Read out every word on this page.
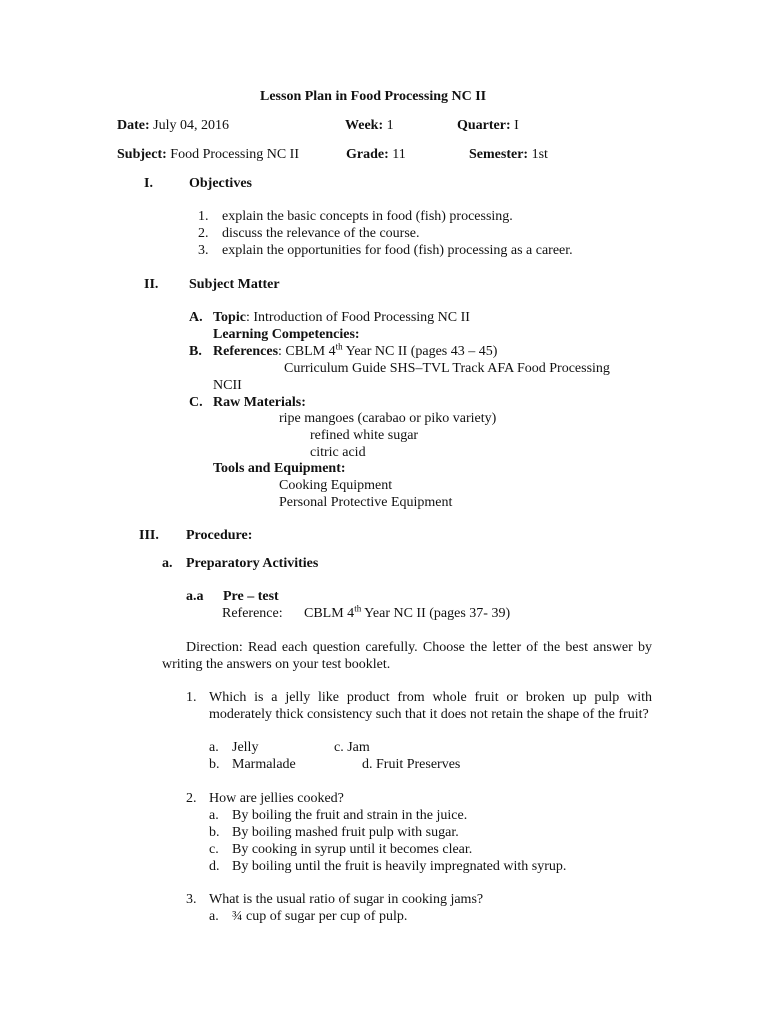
Lesson Plan in Food Processing NC II
Date: July 04, 2016	Week: 1	Quarter: I
Subject: Food Processing NC II	Grade: 11	Semester: 1st
I.	Objectives
1. explain the basic concepts in food (fish) processing.
2. discuss the relevance of the course.
3. explain the opportunities for food (fish) processing as a career.
II. Subject Matter
A. Topic: Introduction of Food Processing NC II
Learning Competencies:
B. References: CBLM 4th Year NC II (pages 43 – 45)
Curriculum Guide SHS–TVL Track AFA Food Processing
NCII
C. Raw Materials:
ripe mangoes (carabao or piko variety)
refined white sugar
citric acid
Tools and Equipment:
Cooking Equipment
Personal Protective Equipment
III. Procedure:
a. Preparatory Activities
a.a Pre – test
Reference: CBLM 4th Year NC II (pages 37- 39)
Direction: Read each question carefully. Choose the letter of the best answer by writing the answers on your test booklet.
1. Which is a jelly like product from whole fruit or broken up pulp with moderately thick consistency such that it does not retain the shape of the fruit?
a. Jelly	c. Jam
b. Marmalade	d. Fruit Preserves
2. How are jellies cooked?
a. By boiling the fruit and strain in the juice.
b. By boiling mashed fruit pulp with sugar.
c. By cooking in syrup until it becomes clear.
d. By boiling until the fruit is heavily impregnated with syrup.
3. What is the usual ratio of sugar in cooking jams?
a. ¾ cup of sugar per cup of pulp.
